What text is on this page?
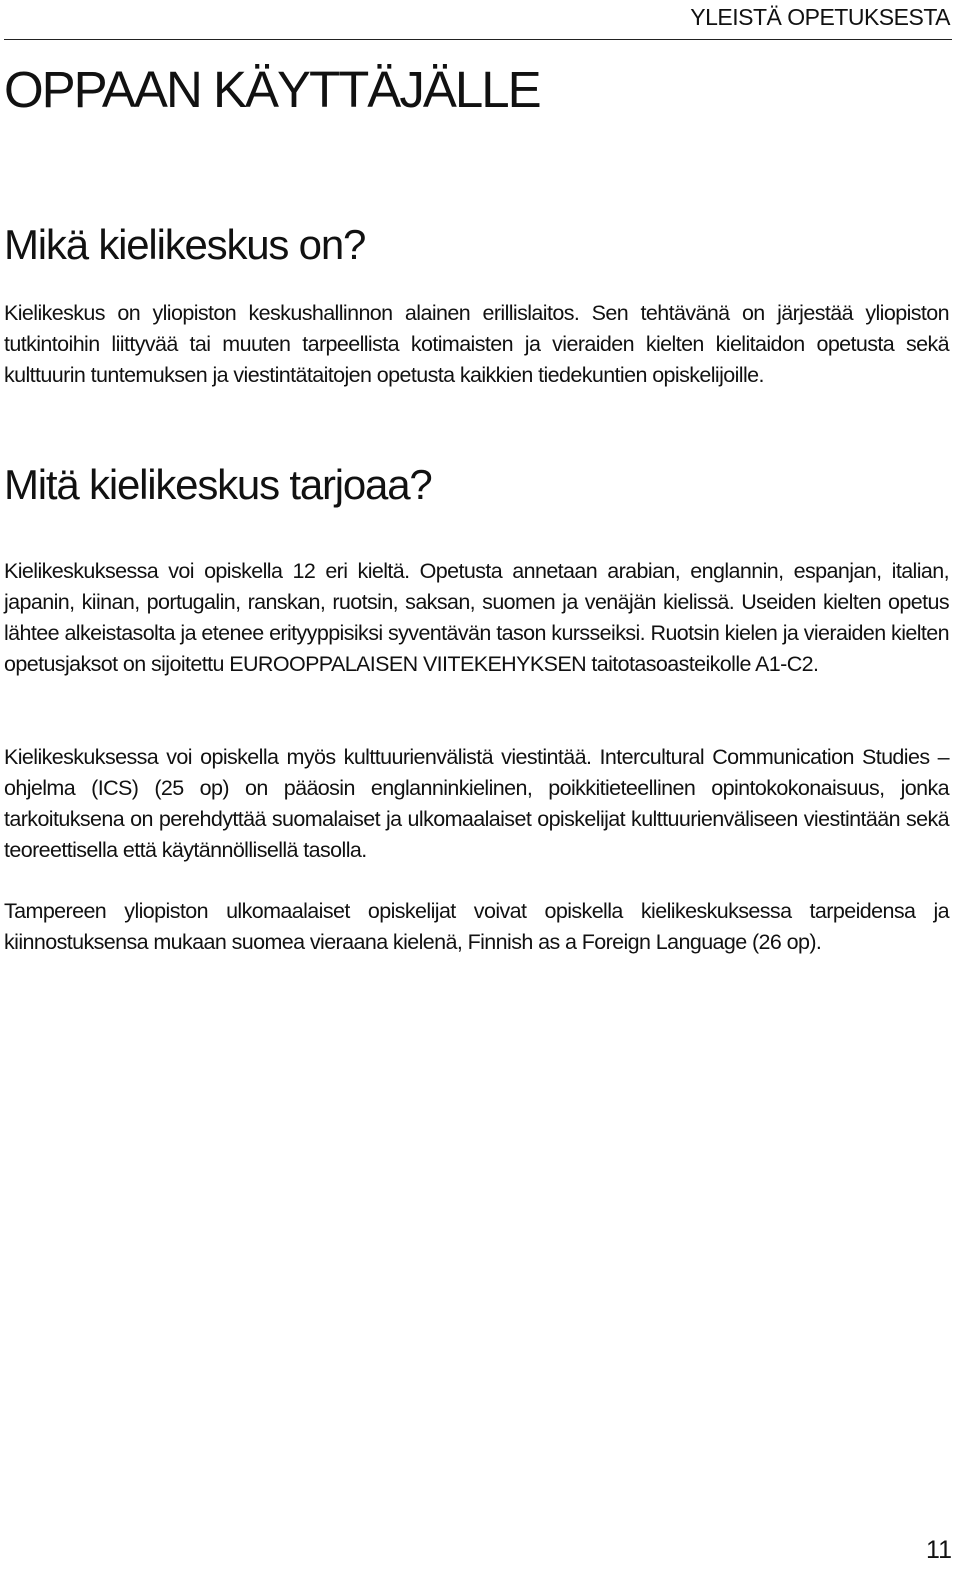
YLEISTÄ OPETUKSESTA
OPPAAN KÄYTTÄJÄLLE
Mikä kielikeskus on?

Kielikeskus on yliopiston keskushallinnon alainen erillislaitos. Sen tehtävänä on järjestää yliopiston tutkintoihin liittyvää tai muuten tarpeellista kotimaisten ja vieraiden kielten kielitaidon opetusta sekä kulttuurin tuntemuksen ja viestintätaitojen opetusta kaikkien tiedekuntien opiskelijoille.

Mitä kielikeskus tarjoaa?

Kielikeskuksessa voi opiskella 12 eri kieltä. Opetusta annetaan arabian, englannin, espanjan, italian, japanin, kiinan, portugalin, ranskan, ruotsin, saksan, suomen ja venäjän kielissä. Useiden kielten opetus lähtee alkeistasolta ja etenee erityyppisiksi syventävän tason kursseiksi. Ruotsin kielen ja vieraiden kielten opetusjaksot on sijoitettu EUROOPPALAISEN VIITEKEHYKSEN taitotasoasteikolle A1-C2.

Kielikeskuksessa voi opiskella myös kulttuurienvälistä viestintää. Intercultural Communication Studies –ohjelma (ICS) (25 op) on pääosin englanninkielinen, poikkitieteellinen opintokokonaisuus, jonka tarkoituksena on perehdyttää suomalaiset ja ulkomaalaiset opiskelijat kulttuurienväliseen viestintään sekä teoreettisella että käytännöllisellä tasolla.

Tampereen yliopiston ulkomaalaiset opiskelijat voivat opiskella kielikeskuksessa tarpeidensa ja kiinnostuksensa mukaan suomea vieraana kielenä, Finnish as a Foreign Language (26 op).

11
